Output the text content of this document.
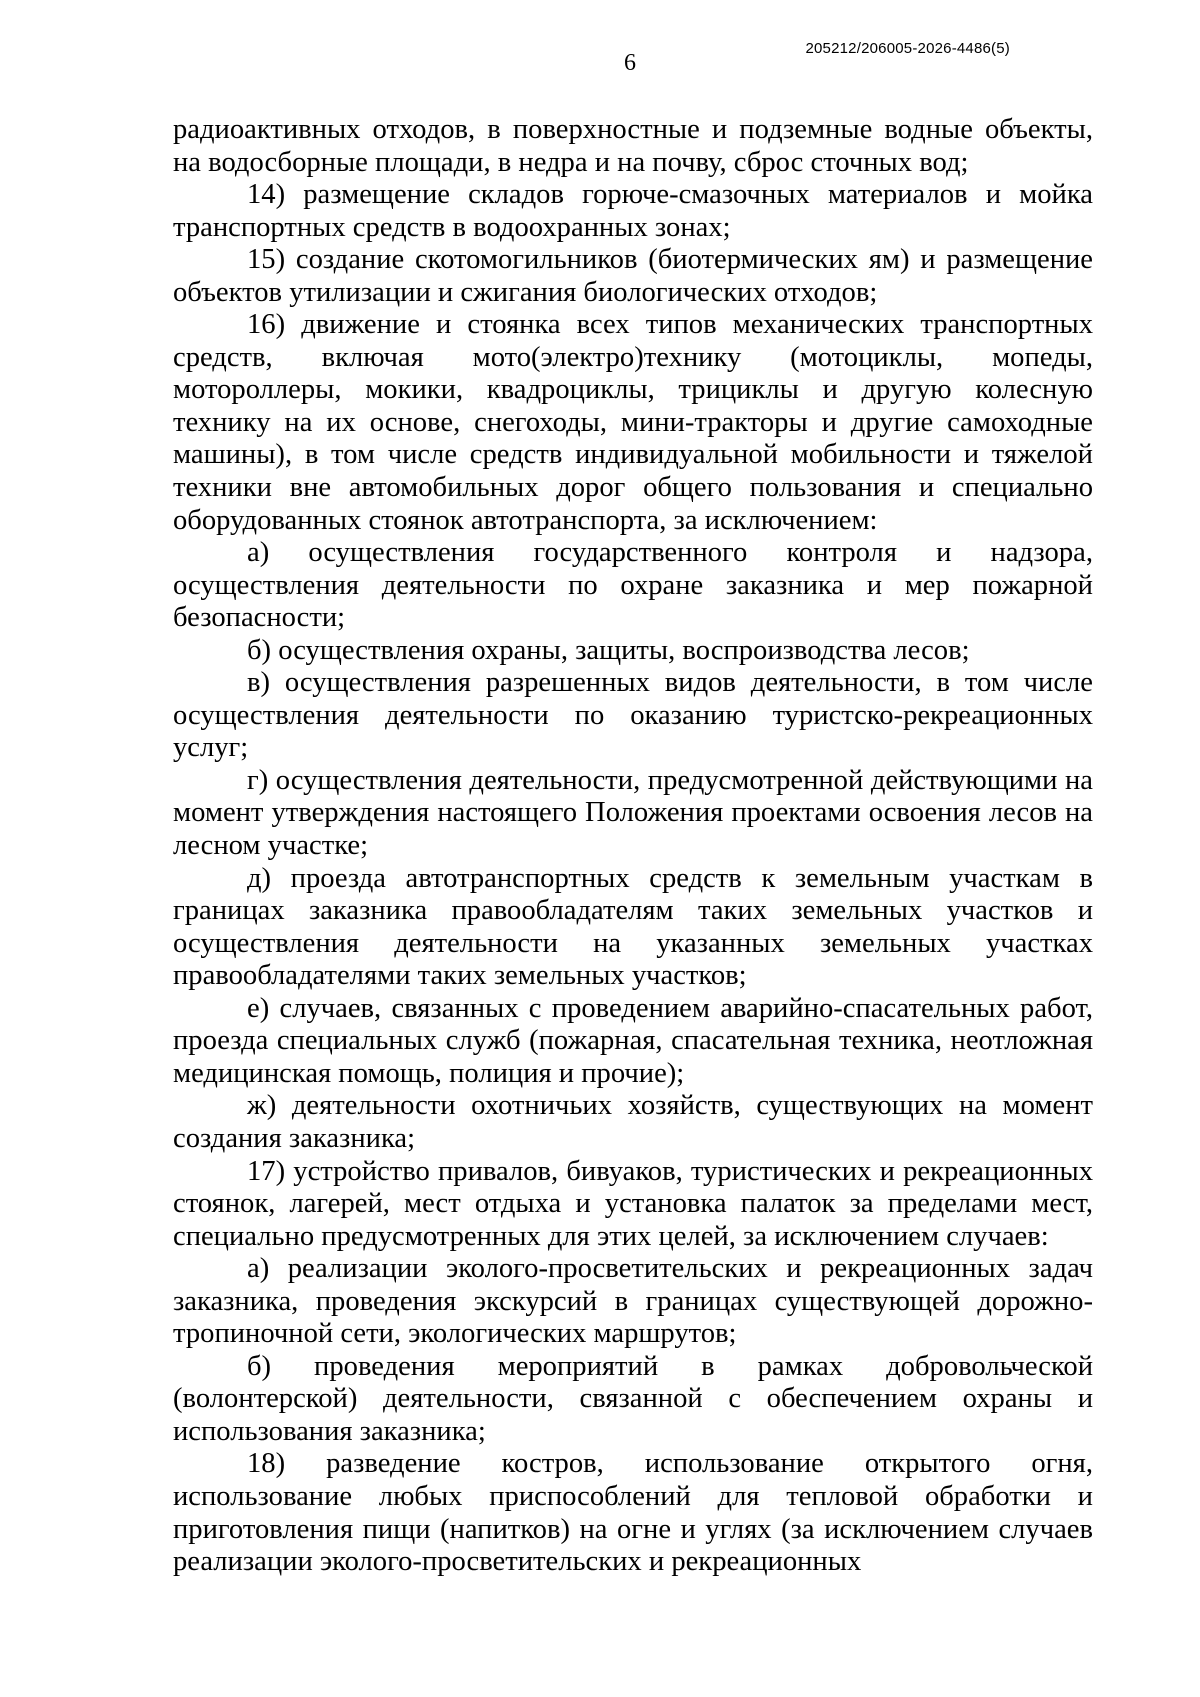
205212/206005-2026-4486(5)
6

радиоактивных отходов, в поверхностные и подземные водные объекты, на водосборные площади, в недра и на почву, сброс сточных вод;

14) размещение складов горюче-смазочных материалов и мойка транспортных средств в водоохранных зонах;

15) создание скотомогильников (биотермических ям) и размещение объектов утилизации и сжигания биологических отходов;

16) движение и стоянка всех типов механических транспортных средств, включая мото(электро)технику (мотоциклы, мопеды, мотороллеры, мокики, квадроциклы, трициклы и другую колесную технику на их основе, снегоходы, мини-тракторы и другие самоходные машины), в том числе средств индивидуальной мобильности и тяжелой техники вне автомобильных дорог общего пользования и специально оборудованных стоянок автотранспорта, за исключением:

а) осуществления государственного контроля и надзора, осуществления деятельности по охране заказника и мер пожарной безопасности;

б) осуществления охраны, защиты, воспроизводства лесов;

в) осуществления разрешенных видов деятельности, в том числе осуществления деятельности по оказанию туристско-рекреационных услуг;

г) осуществления деятельности, предусмотренной действующими на момент утверждения настоящего Положения проектами освоения лесов на лесном участке;

д) проезда автотранспортных средств к земельным участкам в границах заказника правообладателям таких земельных участков и осуществления деятельности на указанных земельных участках правообладателями таких земельных участков;

е) случаев, связанных с проведением аварийно-спасательных работ, проезда специальных служб (пожарная, спасательная техника, неотложная медицинская помощь, полиция и прочие);

ж) деятельности охотничьих хозяйств, существующих на момент создания заказника;

17) устройство привалов, бивуаков, туристических и рекреационных стоянок, лагерей, мест отдыха и установка палаток за пределами мест, специально предусмотренных для этих целей, за исключением случаев:

а) реализации эколого-просветительских и рекреационных задач заказника, проведения экскурсий в границах существующей дорожно-тропиночной сети, экологических маршрутов;

б) проведения мероприятий в рамках добровольческой (волонтерской) деятельности, связанной с обеспечением охраны и использования заказника;

18) разведение костров, использование открытого огня, использование любых приспособлений для тепловой обработки и приготовления пищи (напитков) на огне и углях (за исключением случаев реализации эколого-просветительских и рекреационных
